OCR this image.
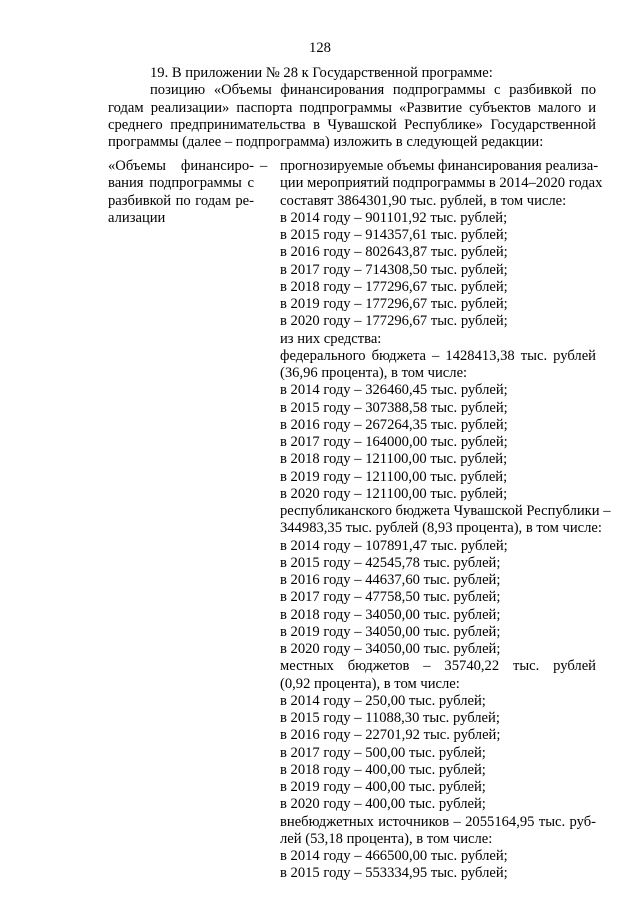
128

19. В приложении № 28 к Государственной программе:

позицию «Объемы финансирования подпрограммы с разбивкой по годам реализации» паспорта подпрограммы «Развитие субъектов малого и среднего предпринимательства в Чувашской Республике» Государственной программы (далее – подпрограмма) изложить в следующей редакции:

«Объемы финансиро-
вания подпрограммы с
разбивкой по годам ре-
ализации
– прогнозируемые объемы финансирования реализа-
ции мероприятий подпрограммы в 2014–2020 годах
составят 3864301,90 тыс. рублей, в том числе:
в 2014 году – 901101,92 тыс. рублей;
в 2015 году – 914357,61 тыс. рублей;
в 2016 году – 802643,87 тыс. рублей;
в 2017 году – 714308,50 тыс. рублей;
в 2018 году – 177296,67 тыс. рублей;
в 2019 году – 177296,67 тыс. рублей;
в 2020 году – 177296,67 тыс. рублей;
из них средства:
федерального бюджета – 1428413,38 тыс. рублей
(36,96 процента), в том числе:
в 2014 году – 326460,45 тыс. рублей;
в 2015 году – 307388,58 тыс. рублей;
в 2016 году – 267264,35 тыс. рублей;
в 2017 году – 164000,00 тыс. рублей;
в 2018 году – 121100,00 тыс. рублей;
в 2019 году – 121100,00 тыс. рублей;
в 2020 году – 121100,00 тыс. рублей;
республиканского бюджета Чувашской Республики –
344983,35 тыс. рублей (8,93 процента), в том числе:
в 2014 году – 107891,47 тыс. рублей;
в 2015 году – 42545,78 тыс. рублей;
в 2016 году – 44637,60 тыс. рублей;
в 2017 году – 47758,50 тыс. рублей;
в 2018 году – 34050,00 тыс. рублей;
в 2019 году – 34050,00 тыс. рублей;
в 2020 году – 34050,00 тыс. рублей;
местных бюджетов – 35740,22 тыс. рублей
(0,92 процента), в том числе:
в 2014 году – 250,00 тыс. рублей;
в 2015 году – 11088,30 тыс. рублей;
в 2016 году – 22701,92 тыс. рублей;
в 2017 году – 500,00 тыс. рублей;
в 2018 году – 400,00 тыс. рублей;
в 2019 году – 400,00 тыс. рублей;
в 2020 году – 400,00 тыс. рублей;
внебюджетных источников – 2055164,95 тыс. руб-
лей (53,18 процента), в том числе:
в 2014 году – 466500,00 тыс. рублей;
в 2015 году – 553334,95 тыс. рублей;
